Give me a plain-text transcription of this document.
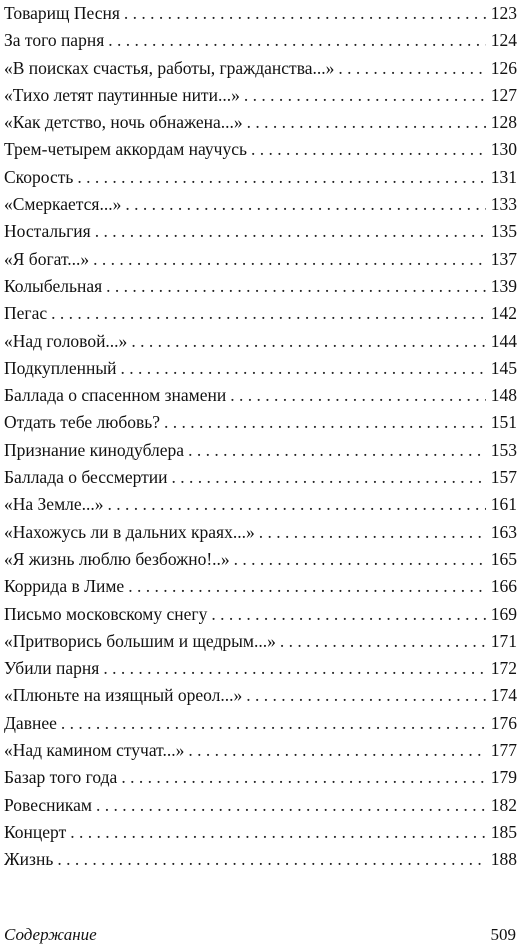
Товарищ Песня . . .	123
За того парня . . .	124
«В поисках счастья, работы, гражданства...» . . .	126
«Тихо летят паутинные нити...» . . .	127
«Как детство, ночь обнажена...» . . .	128
Трем-четырем аккордам научусь . . .	130
Скорость . . .	131
«Смеркается...» . . .	133
Ностальгия . . .	135
«Я богат...» . . .	137
Колыбельная . . .	139
Пегас . . .	142
«Над головой...» . . .	144
Подкупленный . . .	145
Баллада о спасенном знамени . . .	148
Отдать тебе любовь? . . .	151
Признание кинодублера . . .	153
Баллада о бессмертии . . .	157
«На Земле...» . . .	161
«Нахожусь ли в дальних краях...» . . .	163
«Я жизнь люблю безбожно!..» . . .	165
Коррида в Лиме . . .	166
Письмо московскому снегу . . .	169
«Притворись большим и щедрым...» . . .	171
Убили парня . . .	172
«Плюньте на изящный ореол...» . . .	174
Давнее . . .	176
«Над камином стучат...» . . .	177
Базар того года . . .	179
Ровесникам . . .	182
Концерт . . .	185
Жизнь . . .	188
Содержание	509
